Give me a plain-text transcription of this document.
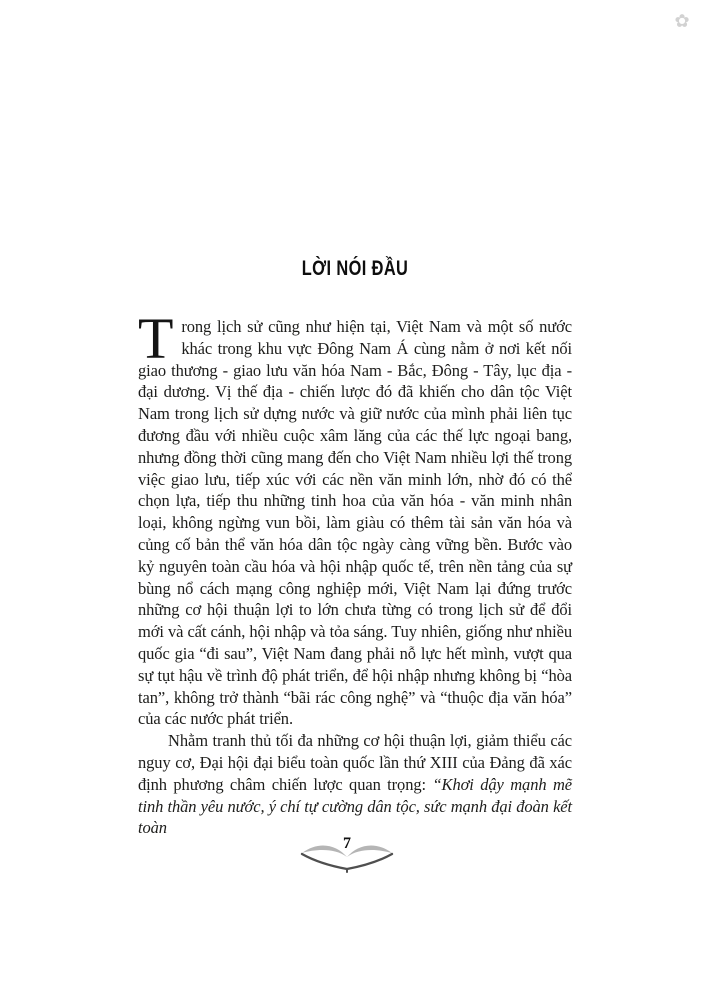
✿
LỜI NÓI ĐẦU

Trong lịch sử cũng như hiện tại, Việt Nam và một số nước khác trong khu vực Đông Nam Á cùng nằm ở nơi kết nối giao thương - giao lưu văn hóa Nam - Bắc, Đông - Tây, lục địa - đại dương. Vị thế địa - chiến lược đó đã khiến cho dân tộc Việt Nam trong lịch sử dựng nước và giữ nước của mình phải liên tục đương đầu với nhiều cuộc xâm lăng của các thế lực ngoại bang, nhưng đồng thời cũng mang đến cho Việt Nam nhiều lợi thế trong việc giao lưu, tiếp xúc với các nền văn minh lớn, nhờ đó có thể chọn lựa, tiếp thu những tinh hoa của văn hóa - văn minh nhân loại, không ngừng vun bồi, làm giàu có thêm tài sản văn hóa và củng cố bản thể văn hóa dân tộc ngày càng vững bền. Bước vào kỷ nguyên toàn cầu hóa và hội nhập quốc tế, trên nền tảng của sự bùng nổ cách mạng công nghiệp mới, Việt Nam lại đứng trước những cơ hội thuận lợi to lớn chưa từng có trong lịch sử để đổi mới và cất cánh, hội nhập và tỏa sáng. Tuy nhiên, giống như nhiều quốc gia “đi sau”, Việt Nam đang phải nỗ lực hết mình, vượt qua sự tụt hậu về trình độ phát triển, để hội nhập nhưng không bị “hòa tan”, không trở thành “bãi rác công nghệ” và “thuộc địa văn hóa” của các nước phát triển.

Nhằm tranh thủ tối đa những cơ hội thuận lợi, giảm thiểu các nguy cơ, Đại hội đại biểu toàn quốc lần thứ XIII của Đảng đã xác định phương châm chiến lược quan trọng: “Khơi dậy mạnh mẽ tinh thần yêu nước, ý chí tự cường dân tộc, sức mạnh đại đoàn kết toàn

7
